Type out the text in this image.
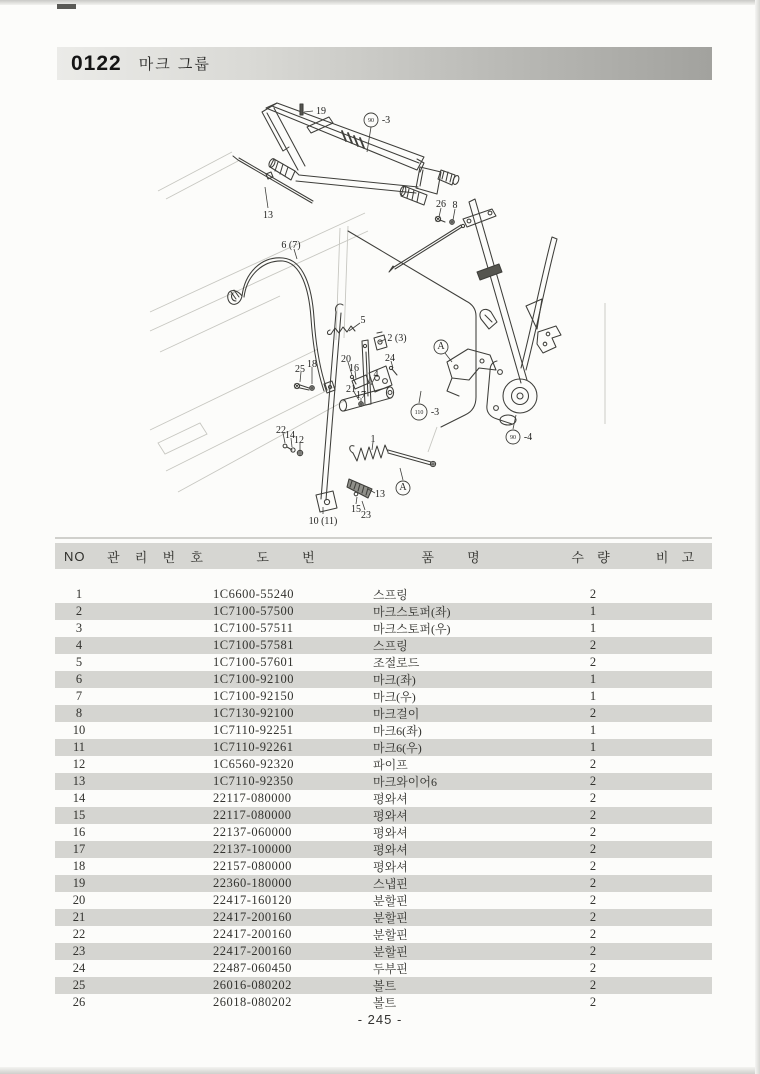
0122 마크 그룹
19
90 -3
13
26 8
6 (7)
5
2 (3)
24
20
16
4
18
25
21
17
22 14 12	1
110 -3
A
A
90 -4
13
15
23
10 (11)
NO	관 리 번 호	도 번	품 명	수 량	비 고

1		1C6600-55240	스프링	2	
2		1C7100-57500	마크스토퍼(좌)	1	
3		1C7100-57511	마크스토퍼(우)	1	
4		1C7100-57581	스프링	2	
5		1C7100-57601	조절로드	2	
6		1C7100-92100	마크(좌)	1	
7		1C7100-92150	마크(우)	1	
8		1C7130-92100	마크걸이	2	
10		1C7110-92251	마크6(좌)	1	
11		1C7110-92261	마크6(우)	1	
12		1C6560-92320	파이프	2	
13		1C7110-92350	마크와이어6	2	
14		22117-080000	평와셔	2	
15		22117-080000	평와셔	2	
16		22137-060000	평와셔	2	
17		22137-100000	평와셔	2	
18		22157-080000	평와셔	2	
19		22360-180000	스냅핀	2	
20		22417-160120	분할핀	2	
21		22417-200160	분할핀	2	
22		22417-200160	분할핀	2	
23		22417-200160	분할핀	2	
24		22487-060450	두부핀	2	
25		26016-080202	볼트	2	
26		26018-080202	볼트	2	
- 245 -
